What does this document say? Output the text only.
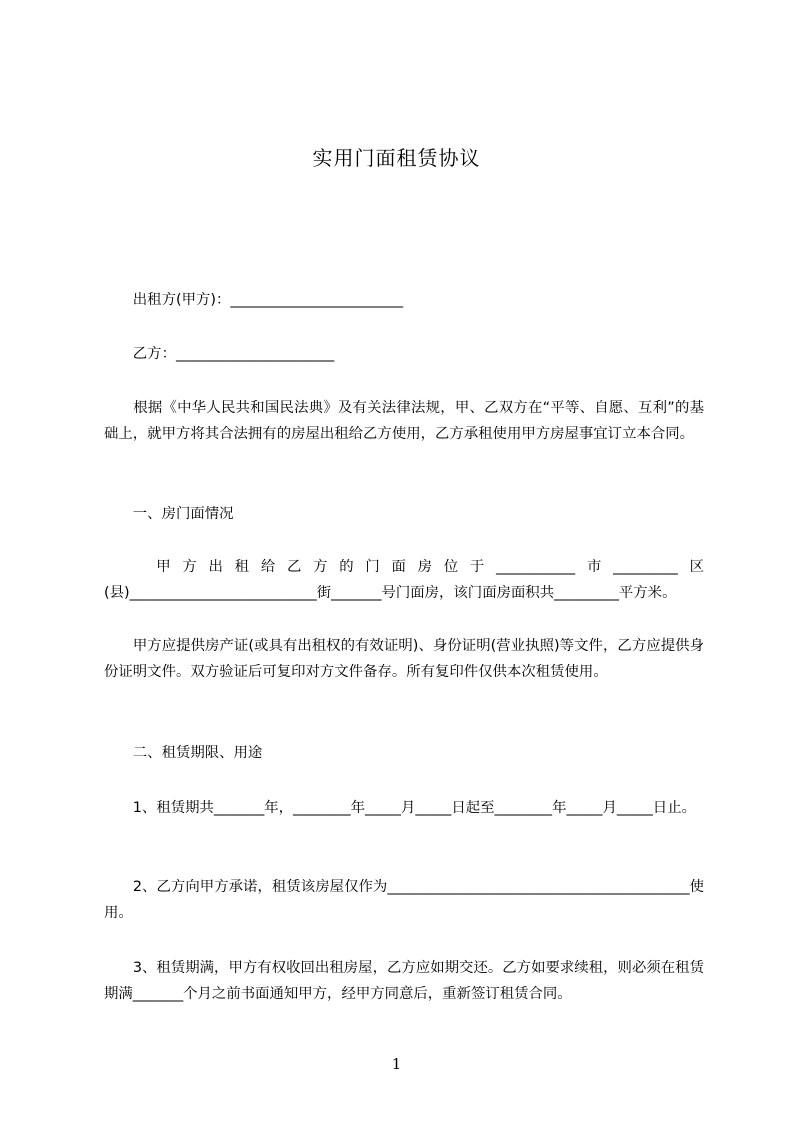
实用门面租赁协议
　　出租方(甲方)：________________________
　　乙方：______________________
　　根据《中华人民共和国民法典》及有关法律法规，甲、乙双方在“平等、自愿、互利”的基础上，就甲方将其合法拥有的房屋出租给乙方使用，乙方承租使用甲方房屋事宜订立本合同。
　　一、房门面情况
　　甲方出租给乙方的门面房位于___________市_________区(县)__________________________街_______号门面房，该门面房面积共_________平方米。
　　甲方应提供房产证(或具有出租权的有效证明)、身份证明(营业执照)等文件，乙方应提供身份证明文件。双方验证后可复印对方文件备存。所有复印件仅供本次租赁使用。
　　二、租赁期限、用途
　　1、租赁期共_______年，________年_____月_____日起至________年_____月_____日止。
　　2、乙方向甲方承诺，租赁该房屋仅作为__________________________________________使用。
　　3、租赁期满，甲方有权收回出租房屋，乙方应如期交还。乙方如要求续租，则必须在租赁期满_______个月之前书面通知甲方，经甲方同意后，重新签订租赁合同。
1
